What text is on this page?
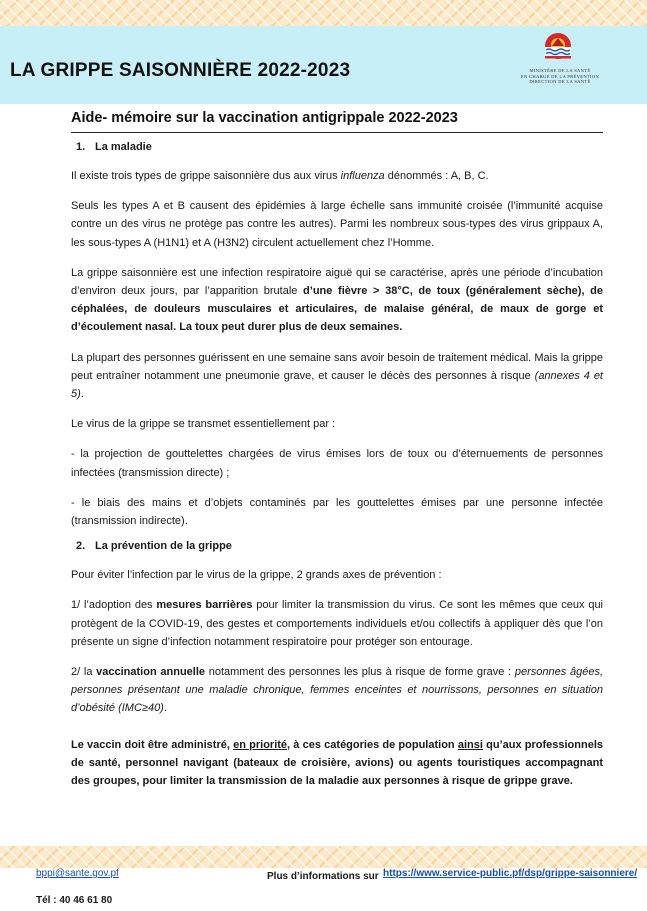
LA GRIPPE SAISONNIÈRE 2022-2023	MINISTÈRE DE LA SANTÉ
EN CHARGE DE LA PRÉVENTION
DIRECTION DE LA SANTÉ
Aide- mémoire sur la vaccination antigrippale 2022-2023
1. La maladie

Il existe trois types de grippe saisonnière dus aux virus influenza dénommés : A, B, C.

Seuls les types A et B causent des épidémies à large échelle sans immunité croisée (l’immunité acquise contre un des virus ne protège pas contre les autres). Parmi les nombreux sous-types des virus grippaux A, les sous-types A (H1N1) et A (H3N2) circulent actuellement chez l’Homme.

La grippe saisonnière est une infection respiratoire aiguë qui se caractérise, après une période d’incubation d’environ deux jours, par l’apparition brutale d’une fièvre > 38°C, de toux (généralement sèche), de céphalées, de douleurs musculaires et articulaires, de malaise général, de maux de gorge et d’écoulement nasal. La toux peut durer plus de deux semaines.

La plupart des personnes guérissent en une semaine sans avoir besoin de traitement médical. Mais la grippe peut entraîner notamment une pneumonie grave, et causer le décès des personnes à risque (annexes 4 et 5).

Le virus de la grippe se transmet essentiellement par :

- la projection de gouttelettes chargées de virus émises lors de toux ou d’éternuements de personnes infectées (transmission directe) ;

- le biais des mains et d’objets contaminés par les gouttelettes émises par une personne infectée (transmission indirecte).

2. La prévention de la grippe

Pour éviter l’infection par le virus de la grippe, 2 grands axes de prévention :

1/ l’adoption des mesures barrières pour limiter la transmission du virus. Ce sont les mêmes que ceux qui protègent de la COVID-19, des gestes et comportements individuels et/ou collectifs à appliquer dès que l’on présente un signe d’infection notamment respiratoire pour protéger son entourage.

2/ la vaccination annuelle notamment des personnes les plus à risque de forme grave : personnes âgées, personnes présentant une maladie chronique, femmes enceintes et nourrissons, personnes en situation d’obésité (IMC≥40).

Le vaccin doit être administré, en priorité, à ces catégories de population ainsi qu’aux professionnels de santé, personnel navigant (bateaux de croisière, avions) ou agents touristiques accompagnant des groupes, pour limiter la transmission de la maladie aux personnes à risque de grippe grave.

bppi@sante.gov.pf

Tél : 40 46 61 80

Plus d’informations sur https://www.service-public.pf/dsp/grippe-saisonniere/
